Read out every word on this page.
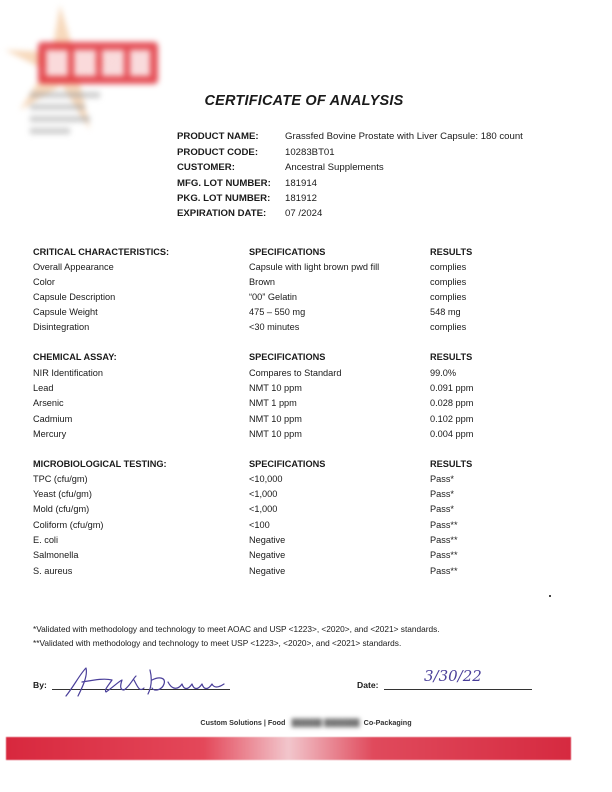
CERTIFICATE OF ANALYSIS
PRODUCT NAME:	Grassfed Bovine Prostate with Liver Capsule: 180 count
PRODUCT CODE:	10283BT01
CUSTOMER:	Ancestral Supplements
MFG. LOT NUMBER: 181914
PKG. LOT NUMBER: 181912
EXPIRATION DATE: 07 /2024
CRITICAL CHARACTERISTICS:	SPECIFICATIONS	RESULTS
Overall Appearance	Capsule with light brown pwd fill	complies
Color	Brown	complies
Capsule Description	“00” Gelatin	complies
Capsule Weight	475 – 550 mg	548 mg
Disintegration	<30 minutes	complies
CHEMICAL ASSAY:	SPECIFICATIONS	RESULTS
NIR Identification	Compares to Standard	99.0%
Lead	NMT 10 ppm	0.091 ppm
Arsenic	NMT 1 ppm	0.028 ppm
Cadmium	NMT 10 ppm	0.102 ppm
Mercury	NMT 10 ppm	0.004 ppm
MICROBIOLOGICAL TESTING:	SPECIFICATIONS	RESULTS
TPC (cfu/gm)	<10,000	Pass*
Yeast (cfu/gm)	<1,000	Pass*
Mold (cfu/gm)	<1,000	Pass*
Coliform (cfu/gm)	<100	Pass**
E. coli	Negative	Pass**
Salmonella	Negative	Pass**
S. aureus	Negative	Pass**
*Validated with methodology and technology to meet AOAC and USP <1223>, <2020>, and <2021> standards.
**Validated with methodology and technology to meet USP <1223>, <2020>, and <2021> standards.
By:	Date:	3/30/22
Custom Solutions | Food   ██████ ███████  Co-Packaging
